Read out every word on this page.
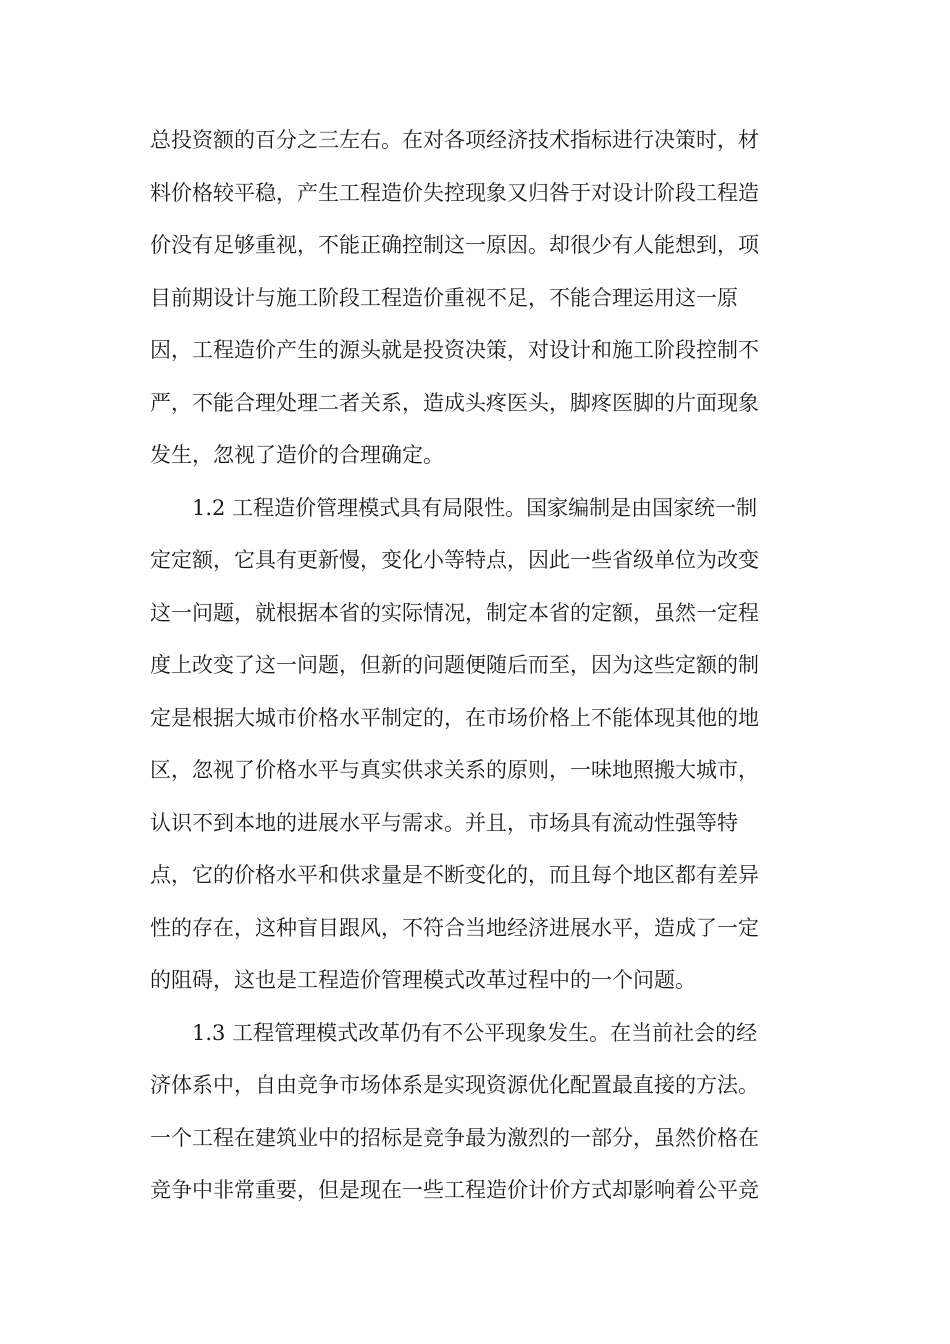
总投资额的百分之三左右。在对各项经济技术指标进行决策时，材
料价格较平稳，产生工程造价失控现象又归咎于对设计阶段工程造
价没有足够重视，不能正确控制这一原因。却很少有人能想到，项
目前期设计与施工阶段工程造价重视不足，不能合理运用这一原
因，工程造价产生的源头就是投资决策，对设计和施工阶段控制不
严，不能合理处理二者关系，造成头疼医头，脚疼医脚的片面现象
发生，忽视了造价的合理确定。
1.2 工程造价管理模式具有局限性。国家编制是由国家统一制
定定额，它具有更新慢，变化小等特点，因此一些省级单位为改变
这一问题，就根据本省的实际情况，制定本省的定额，虽然一定程
度上改变了这一问题，但新的问题便随后而至，因为这些定额的制
定是根据大城市价格水平制定的，在市场价格上不能体现其他的地
区，忽视了价格水平与真实供求关系的原则，一味地照搬大城市，
认识不到本地的进展水平与需求。并且，市场具有流动性强等特
点，它的价格水平和供求量是不断变化的，而且每个地区都有差异
性的存在，这种盲目跟风，不符合当地经济进展水平，造成了一定
的阻碍，这也是工程造价管理模式改革过程中的一个问题。
1.3 工程管理模式改革仍有不公平现象发生。在当前社会的经
济体系中，自由竞争市场体系是实现资源优化配置最直接的方法。
一个工程在建筑业中的招标是竞争最为激烈的一部分，虽然价格在
竞争中非常重要，但是现在一些工程造价计价方式却影响着公平竞
